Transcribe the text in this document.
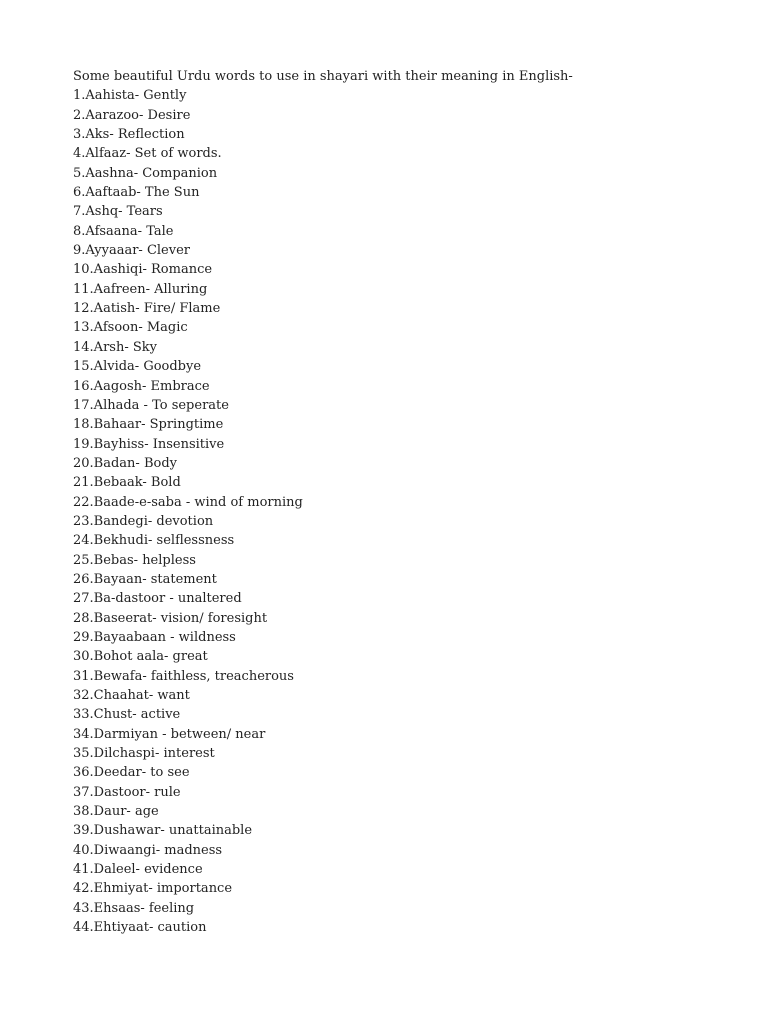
Some beautiful Urdu words to use in shayari with their meaning in English-

1.Aahista- Gently
2.Aarazoo- Desire
3.Aks- Reflection
4.Alfaaz- Set of words.
5.Aashna- Companion
6.Aaftaab- The Sun
7.Ashq- Tears
8.Afsaana- Tale
9.Ayyaaar- Clever
10.Aashiqi- Romance
11.Aafreen- Alluring
12.Aatish- Fire/ Flame
13.Afsoon- Magic
14.Arsh- Sky
15.Alvida- Goodbye
16.Aagosh- Embrace
17.Alhada - To seperate
18.Bahaar- Springtime
19.Bayhiss- Insensitive
20.Badan- Body
21.Bebaak- Bold
22.Baade-e-saba - wind of morning
23.Bandegi- devotion
24.Bekhudi- selflessness
25.Bebas- helpless
26.Bayaan- statement
27.Ba-dastoor - unaltered
28.Baseerat- vision/ foresight
29.Bayaabaan - wildness
30.Bohot aala- great
31.Bewafa- faithless, treacherous
32.Chaahat- want
33.Chust- active
34.Darmiyan - between/ near
35.Dilchaspi- interest
36.Deedar- to see
37.Dastoor- rule
38.Daur- age
39.Dushawar- unattainable
40.Diwaangi- madness
41.Daleel- evidence
42.Ehmiyat- importance
43.Ehsaas- feeling
44.Ehtiyaat- caution
